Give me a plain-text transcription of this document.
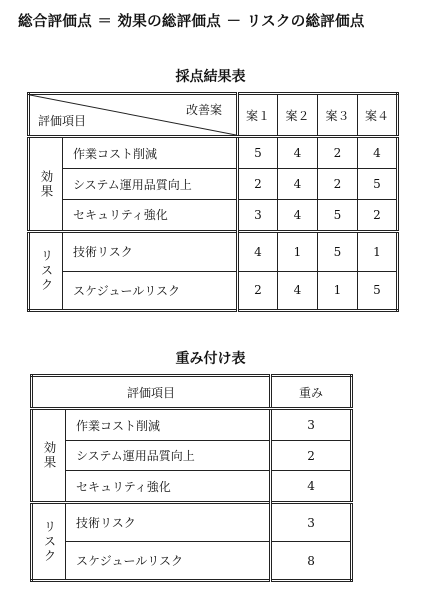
総合評価点 ＝ 効果の総評価点 － リスクの総評価点
採点結果表
改善案
評価項目		案１	案２	案３	案４
効果	作業コスト削減	5	4	2	4
	システム運用品質向上	2	4	2	5
	セキュリティ強化	3	4	5	2
リスク	技術リスク	4	1	5	1
	スケジュールリスク	2	4	1	5
重み付け表
評価項目		重み
効果	作業コスト削減	3
	システム運用品質向上	2
	セキュリティ強化	4
リスク	技術リスク	3
	スケジュールリスク	8
